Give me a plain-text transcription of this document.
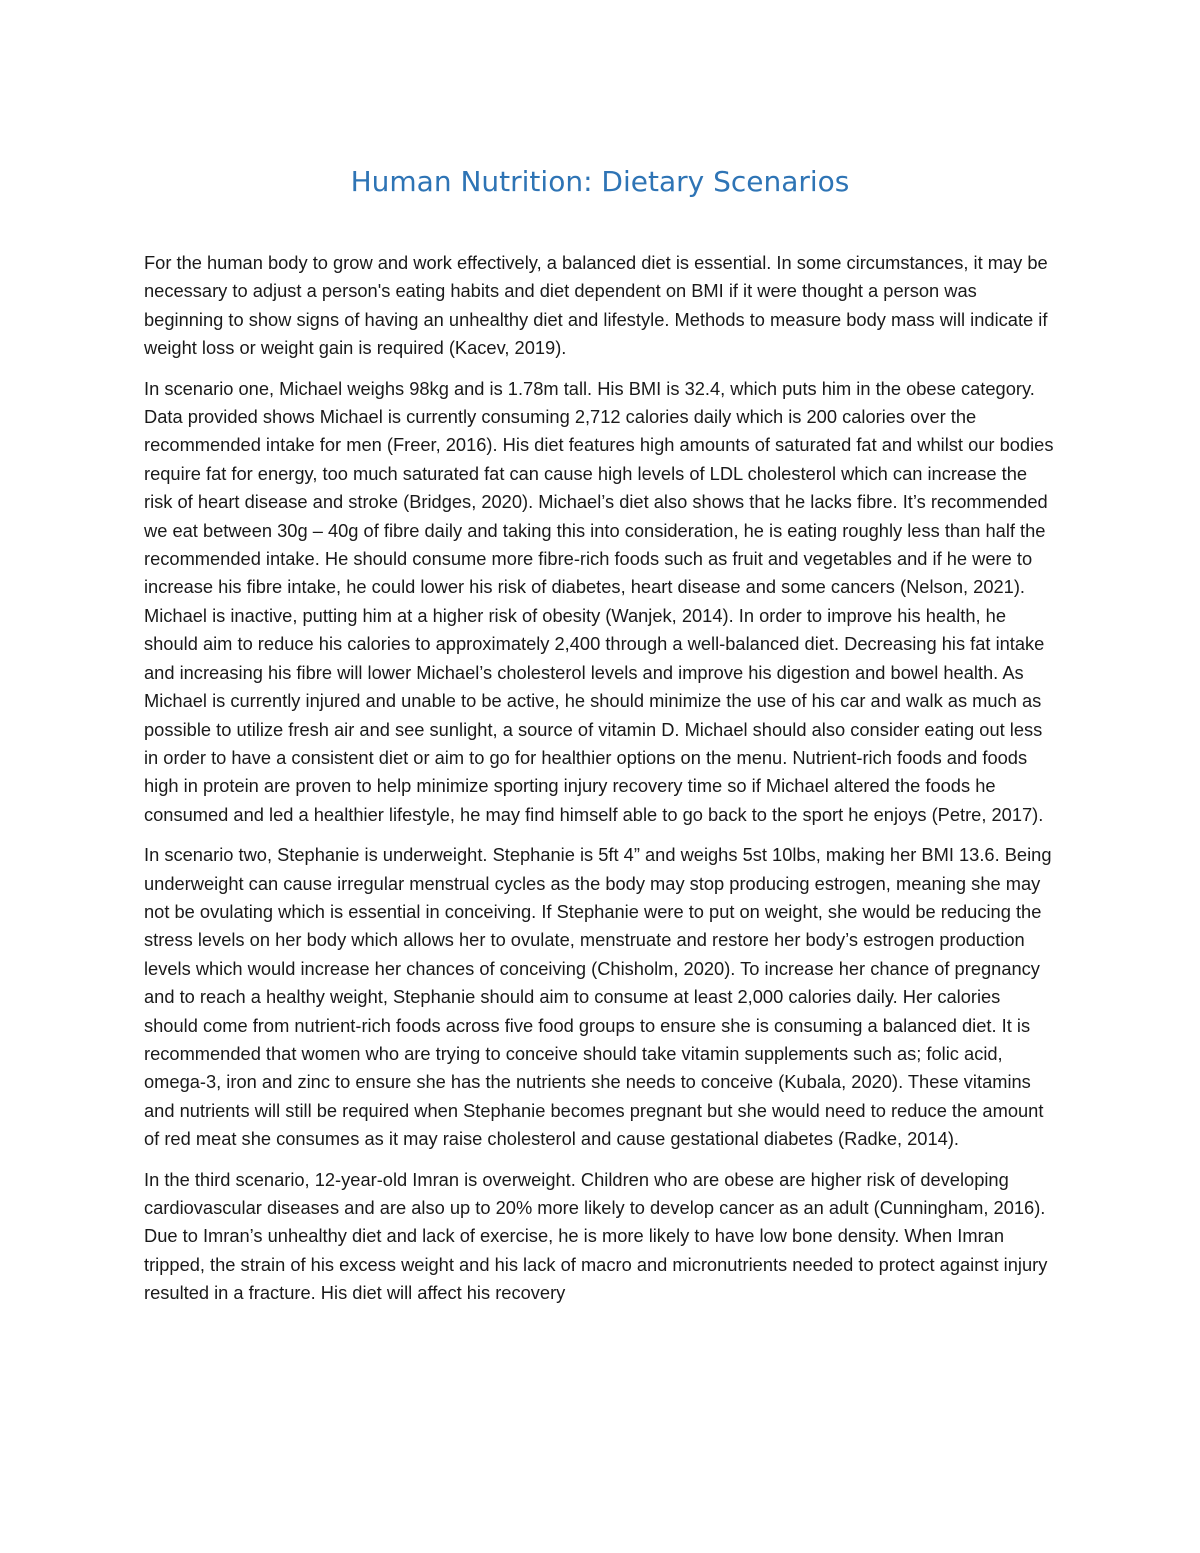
Human Nutrition: Dietary Scenarios

For the human body to grow and work effectively, a balanced diet is essential. In some circumstances, it may be necessary to adjust a person's eating habits and diet dependent on BMI if it were thought a person was beginning to show signs of having an unhealthy diet and lifestyle. Methods to measure body mass will indicate if weight loss or weight gain is required (Kacev, 2019).

In scenario one, Michael weighs 98kg and is 1.78m tall. His BMI is 32.4, which puts him in the obese category. Data provided shows Michael is currently consuming 2,712 calories daily which is 200 calories over the recommended intake for men (Freer, 2016). His diet features high amounts of saturated fat and whilst our bodies require fat for energy, too much saturated fat can cause high levels of LDL cholesterol which can increase the risk of heart disease and stroke (Bridges, 2020). Michael’s diet also shows that he lacks fibre. It’s recommended we eat between 30g – 40g of fibre daily and taking this into consideration, he is eating roughly less than half the recommended intake. He should consume more fibre-rich foods such as fruit and vegetables and if he were to increase his fibre intake, he could lower his risk of diabetes, heart disease and some cancers (Nelson, 2021). Michael is inactive, putting him at a higher risk of obesity (Wanjek, 2014). In order to improve his health, he should aim to reduce his calories to approximately 2,400 through a well-balanced diet. Decreasing his fat intake and increasing his fibre will lower Michael’s cholesterol levels and improve his digestion and bowel health. As Michael is currently injured and unable to be active, he should minimize the use of his car and walk as much as possible to utilize fresh air and see sunlight, a source of vitamin D. Michael should also consider eating out less in order to have a consistent diet or aim to go for healthier options on the menu. Nutrient-rich foods and foods high in protein are proven to help minimize sporting injury recovery time so if Michael altered the foods he consumed and led a healthier lifestyle, he may find himself able to go back to the sport he enjoys (Petre, 2017).

In scenario two, Stephanie is underweight. Stephanie is 5ft 4” and weighs 5st 10lbs, making her BMI 13.6. Being underweight can cause irregular menstrual cycles as the body may stop producing estrogen, meaning she may not be ovulating which is essential in conceiving. If Stephanie were to put on weight, she would be reducing the stress levels on her body which allows her to ovulate, menstruate and restore her body’s estrogen production levels which would increase her chances of conceiving (Chisholm, 2020). To increase her chance of pregnancy and to reach a healthy weight, Stephanie should aim to consume at least 2,000 calories daily. Her calories should come from nutrient-rich foods across five food groups to ensure she is consuming a balanced diet. It is recommended that women who are trying to conceive should take vitamin supplements such as; folic acid, omega-3, iron and zinc to ensure she has the nutrients she needs to conceive (Kubala, 2020). These vitamins and nutrients will still be required when Stephanie becomes pregnant but she would need to reduce the amount of red meat she consumes as it may raise cholesterol and cause gestational diabetes (Radke, 2014).

In the third scenario, 12-year-old Imran is overweight. Children who are obese are higher risk of developing cardiovascular diseases and are also up to 20% more likely to develop cancer as an adult (Cunningham, 2016). Due to Imran’s unhealthy diet and lack of exercise, he is more likely to have low bone density. When Imran tripped, the strain of his excess weight and his lack of macro and micronutrients needed to protect against injury resulted in a fracture. His diet will affect his recovery
